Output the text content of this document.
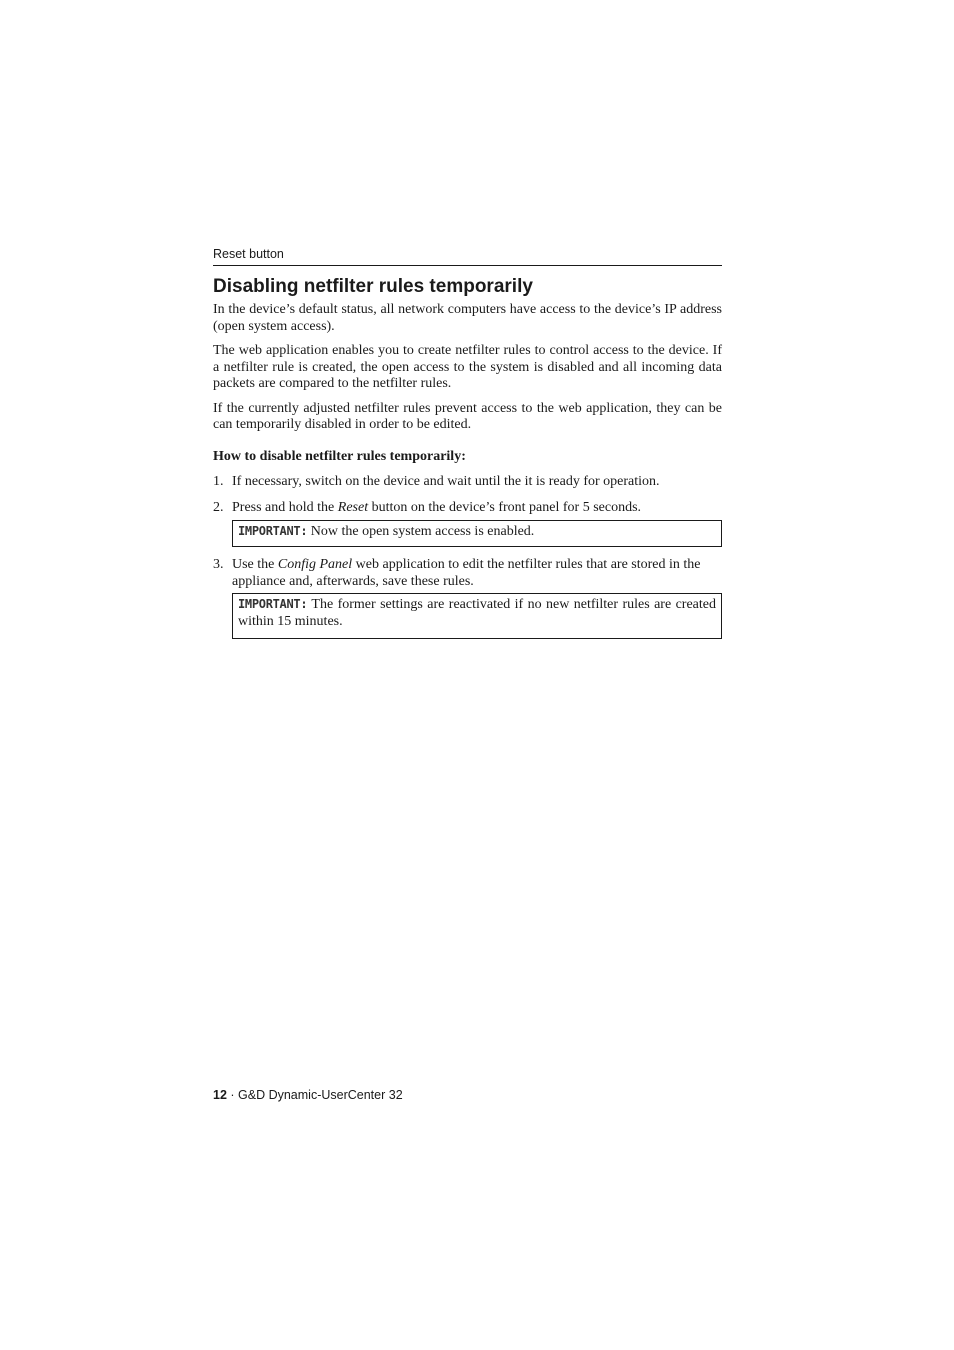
Reset button
Disabling netfilter rules temporarily

In the device’s default status, all network computers have access to the device’s IP address (open system access).

The web application enables you to create netfilter rules to control access to the device. If a netfilter rule is created, the open access to the system is disabled and all incoming data packets are compared to the netfilter rules.

If the currently adjusted netfilter rules prevent access to the web application, they can be can temporarily disabled in order to be edited.

How to disable netfilter rules temporarily:

1. If necessary, switch on the device and wait until the it is ready for operation.
2. Press and hold the Reset button on the device’s front panel for 5 seconds.
IMPORTANT: Now the open system access is enabled.
3. Use the Config Panel web application to edit the netfilter rules that are stored in the appliance and, afterwards, save these rules.
IMPORTANT: The former settings are reactivated if no new netfilter rules are created within 15 minutes.
12 · G&D Dynamic-UserCenter 32
